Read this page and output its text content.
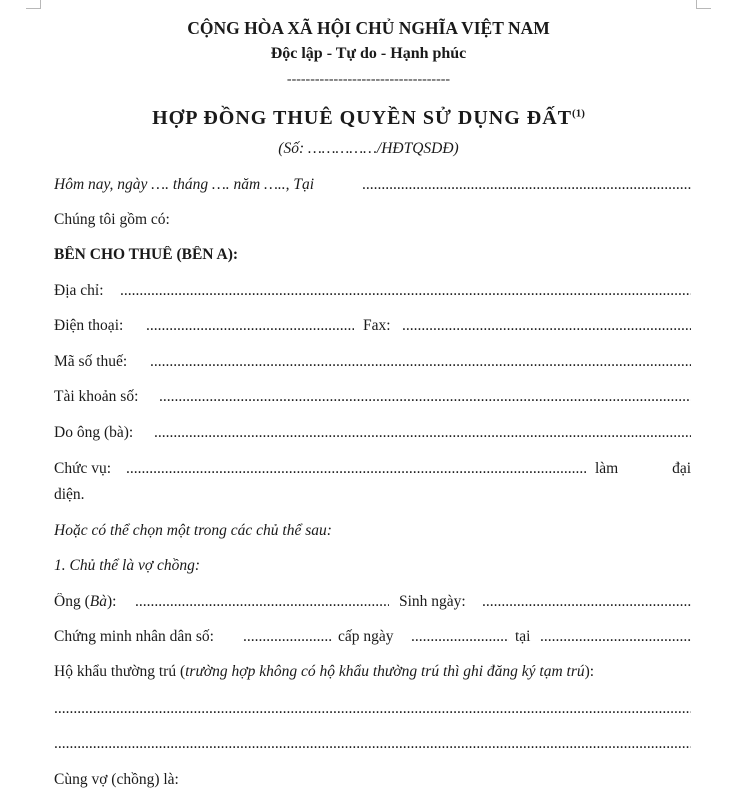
CỘNG HÒA XÃ HỘI CHỦ NGHĨA VIỆT NAM
Độc lập - Tự do - Hạnh phúc
-----------------------------------
HỢP ĐỒNG THUÊ QUYỀN SỬ DỤNG ĐẤT$^{(1)}$
(Số: ……………/HĐTQSDĐ)
Hôm nay, ngày …. tháng …. năm ….., Tại
.....
Chúng tôi gồm có:
BÊN CHO THUÊ (BÊN A):
Địa chỉ:
.....
Điện thoại: .....	Fax:
.....
Mã số thuế:
.....
Tài khoản số:
.....
Do ông (bà):
.....
Chức vụ: .....	làm	đại
diện.
Hoặc có thể chọn một trong các chủ thể sau:
1. Chủ thể là vợ chồng:
Ông (Bà): .....	Sinh ngày:
.....
Chứng minh nhân dân số: .....	cấp ngày .....	tại
.....
Hộ khẩu thường trú (trường hợp không có hộ khẩu thường trú thì ghi đăng ký tạm trú):
.....
.....
Cùng vợ (chồng) là:
